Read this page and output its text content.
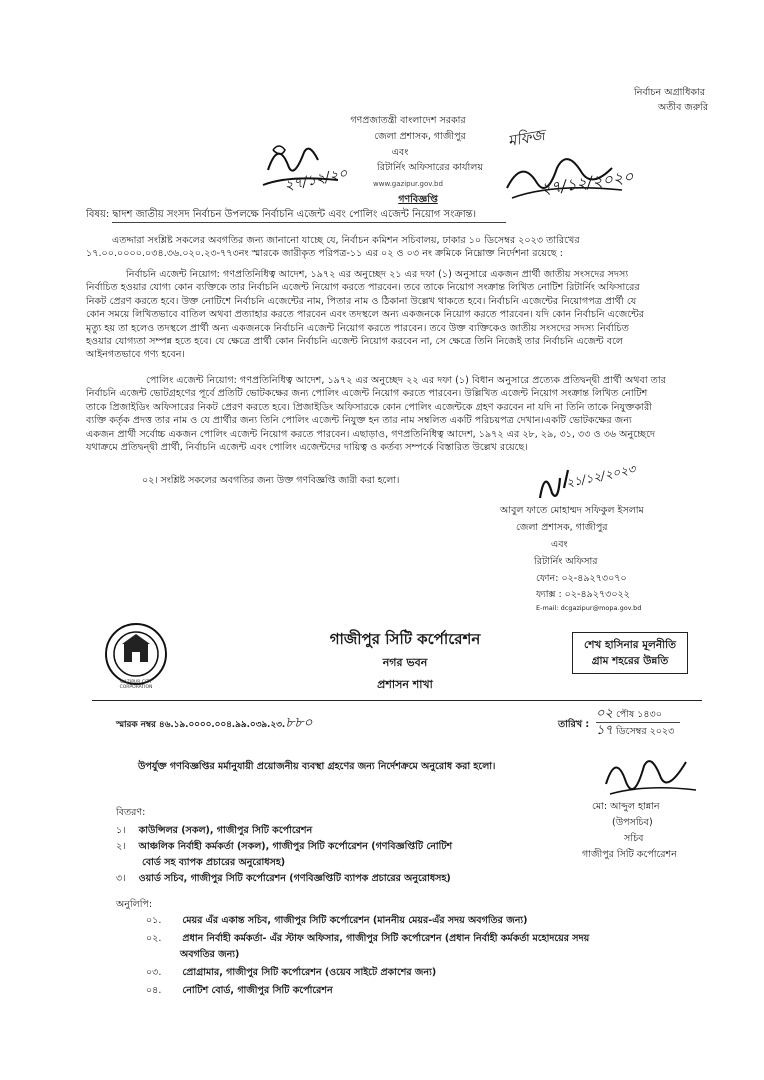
নির্বাচন অগ্রাধিকার
অতীব জরুরি
গণপ্রজাতন্ত্রী বাংলাদেশ সরকার
জেলা প্রশাসক, গাজীপুর
এবং
রিটার্নিং অফিসারের কার্যালয়
www.gazipur.gov.bd
গণবিজ্ঞপ্তি
২৭/১২/২০
মফিজ
২৭/১২/২০২০
বিষয়: দ্বাদশ জাতীয় সংসদ নির্বাচন উপলক্ষে নির্বাচনি এজেন্ট এবং পোলিং এজেন্ট নিয়োগ সংক্রান্ত।
এতদ্দারা সংশ্লিষ্ট সকলের অবগতির জন্য জানানো যাচ্ছে যে, নির্বাচন কমিশন সচিবালয়, ঢাকার ১০ ডিসেম্বর ২০২৩ তারিখের
১৭.০০.০০০০.০৩৪.৩৬.০২০.২৩-৭৭৩নং স্মারকে জারীকৃত পরিপত্র-১১ এর ০২ ও ০৩ নং ক্রমিকে নিম্নোক্ত নির্দেশনা রয়েছে :
নির্বাচনি এজেন্ট নিয়োগ: গণপ্রতিনিধিত্ব আদেশ, ১৯৭২ এর অনুচ্ছেদ ২১ এর দফা (১) অনুসারে একজন প্রার্থী জাতীয় সংসদের সদস্য
নির্বাচিত হওয়ার যোগ্য কোন ব্যক্তিকে তার নির্বাচনি এজেন্ট নিয়োগ করতে পারবেন। তবে তাকে নিয়োগ সংক্রান্ত লিখিত নোটিশ রিটার্নিং অফিসারের
নিকট প্রেরণ করতে হবে। উক্ত নোটিশে নির্বাচনি এজেন্টের নাম, পিতার নাম ও ঠিকানা উল্লেখ থাকতে হবে। নির্বাচনি এজেন্টের নিয়োগপত্র প্রার্থী যে
কোন সময়ে লিখিতভাবে বাতিল অথবা প্রত্যাহার করতে পারবেন এবং তদস্থলে অন্য একজনকে নিয়োগ করতে পারবেন। যদি কোন নির্বাচনি এজেন্টের
মৃত্যু হয় তা হলেও তদস্থলে প্রার্থী অন্য একজনকে নির্বাচনি এজেন্ট নিয়োগ করতে পারবেন। তবে উক্ত ব্যক্তিকেও জাতীয় সংসদের সদস্য নির্বাচিত
হওয়ার যোগ্যতা সম্পন্ন হতে হবে। যে ক্ষেত্রে প্রার্থী কোন নির্বাচনি এজেন্ট নিয়োগ করবেন না, সে ক্ষেত্রে তিনি নিজেই তার নির্বাচনি এজেন্ট বলে
আইনগতভাবে গণ্য হবেন।
পোলিং এজেন্ট নিয়োগ: গণপ্রতিনিধিত্ব আদেশ, ১৯৭২ এর অনুচ্ছেদ ২২ এর দফা (১) বিধান অনুসারে প্রত্যেক প্রতিদ্বন্দ্বী প্রার্থী অথবা তার
নির্বাচনি এজেন্ট ভোটগ্রহণের পূর্বে প্রতিটি ভোটকক্ষের জন্য পোলিং এজেন্ট নিয়োগ করতে পারবেন। উল্লিখিত এজেন্ট নিয়োগ সংক্রান্ত লিখিত নোটিশ
তাকে প্রিজাইডিং অফিসারের নিকট প্রেরণ করতে হবে। প্রিজাইডিং অফিসারকে কোন পোলিং এজেন্টকে গ্রহণ করবেন না যদি না তিনি তাকে নিযুক্তকারী
ব্যক্তি কর্তৃক প্রদত্ত তার নাম ও যে প্রার্থীর জন্য তিনি পোলিং এজেন্ট নিযুক্ত হন তার নাম সম্বলিত একটি পরিচয়পত্র দেখান।একটি ভোটকক্ষের জন্য
একজন প্রার্থী সর্বোচ্চ একজন পোলিং এজেন্ট নিয়োগ করতে পারবেন। এছাড়াও, গণপ্রতিনিধিত্ব আদেশ, ১৯৭২ এর ২৮, ২৯, ৩১, ৩৩ ও ৩৬ অনুচ্ছেদে
যথাক্রমে প্রতিদ্বন্দ্বী প্রার্থী, নির্বাচনি এজেন্ট এবং পোলিং এজেন্টদের দায়িত্ব ও কর্তব্য সম্পর্কে বিস্তারিত উল্লেখ রয়েছে।
০২। সংশ্লিষ্ট সকলের অবগতির জন্য উক্ত গণবিজ্ঞপ্তি জারী করা হলো।	২১/১২/২০২৩
আবুল ফাতে মোহাম্মদ সফিকুল ইসলাম
জেলা প্রশাসক, গাজীপুর
এবং
রিটার্নিং অফিসার
ফোন: ০২-৪৯২৭৩০৭০
ফ্যাক্স : ০২-৪৯২৭৩০২২
E-mail: dcgazipur@mopa.gov.bd
GAZIPUR CITY CORPORATION
গাজীপুর সিটি কর্পোরেশন
নগর ভবন
প্রশাসন শাখা
শেখ হাসিনার মূলনীতি
গ্রাম শহরের উন্নতি
স্মারক নম্বর ৪৬.১৯.০০০০.০০৪.৯৯.০৩৯.২৩.৮৮০	তারিখ :
০২ পৌষ ১৪৩০
১৭ ডিসেম্বর ২০২৩
উপর্যুক্ত গণবিজ্ঞপ্তির মর্মানুযায়ী প্রয়োজনীয় ব্যবস্থা গ্রহণের জন্য নির্দেশক্রমে অনুরোধ করা হলো।
মো: আব্দুল হান্নান
(উপসচিব)
সচিব
গাজীপুর সিটি কর্পোরেশন
বিতরণ:
১। কাউন্সিলর (সকল), গাজীপুর সিটি কর্পোরেশন
২। আঞ্চলিক নির্বাহী কর্মকর্তা (সকল), গাজীপুর সিটি কর্পোরেশন (গণবিজ্ঞপ্তিটি নোটিশ
বোর্ড সহ ব্যাপক প্রচারের অনুরোধসহ)
৩। ওয়ার্ড সচিব, গাজীপুর সিটি কর্পোরেশন (গণবিজ্ঞপ্তিটি ব্যাপক প্রচারের অনুরোধসহ)
অনুলিপি:
০১. মেয়র এঁর একান্ত সচিব, গাজীপুর সিটি কর্পোরেশন (মাননীয় মেয়র-এঁর সদয় অবগতির জন্য)
০২. প্রধান নির্বাহী কর্মকর্তা- এঁর স্টাফ অফিসার, গাজীপুর সিটি কর্পোরেশন (প্রধান নির্বাহী কর্মকর্তা মহোদয়ের সদয়
অবগতির জন্য)
০৩. প্রোগ্রামার, গাজীপুর সিটি কর্পোরেশন (ওয়েব সাইটে প্রকাশের জন্য)
০৪. নোটিশ বোর্ড, গাজীপুর সিটি কর্পোরেশন
